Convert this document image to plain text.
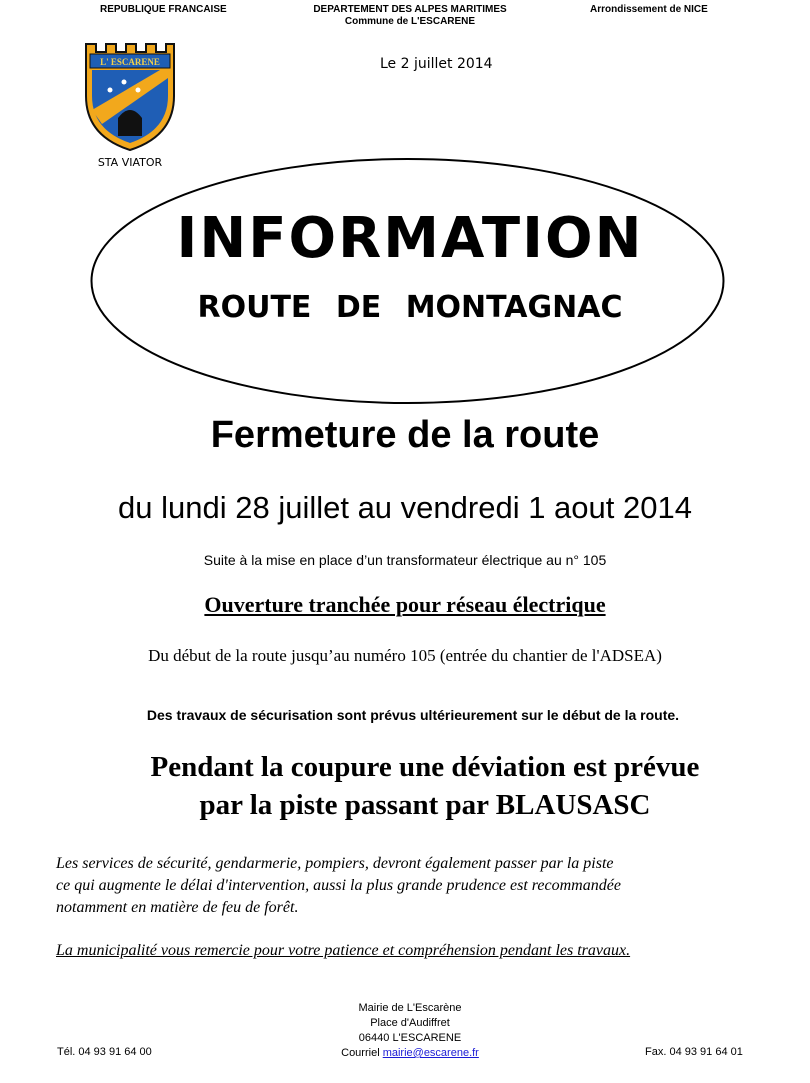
REPUBLIQUE FRANCAISE	DEPARTEMENT DES ALPES MARITIMES
Commune de L'ESCARENE
Arrondissement de NICE
L' ESCARENE
STA VIATOR
Le 2 juillet 2014
INFORMATION
ROUTE DE MONTAGNAC
Fermeture de la route
du lundi 28 juillet au vendredi 1 aout 2014
Suite à la mise en place d’un transformateur électrique au n° 105
Ouverture tranchée pour réseau électrique
Du début de la route jusqu’au numéro 105 (entrée du chantier de l'ADSEA)
Des travaux de sécurisation sont prévus ultérieurement sur le début de la route.
Pendant la coupure une déviation est prévue
par la piste passant par BLAUSASC
Les services de sécurité, gendarmerie, pompiers, devront également passer par la piste
ce qui augmente le délai d'intervention, aussi la plus grande prudence est recommandée
notamment en matière de feu de forêt.
La municipalité vous remercie pour votre patience et compréhension pendant les travaux.
Mairie de L'Escarène
Place d'Audiffret
06440 L'ESCARENE
Courriel mairie@escarene.fr
Tél. 04 93 91 64 00	Fax. 04 93 91 64 01
